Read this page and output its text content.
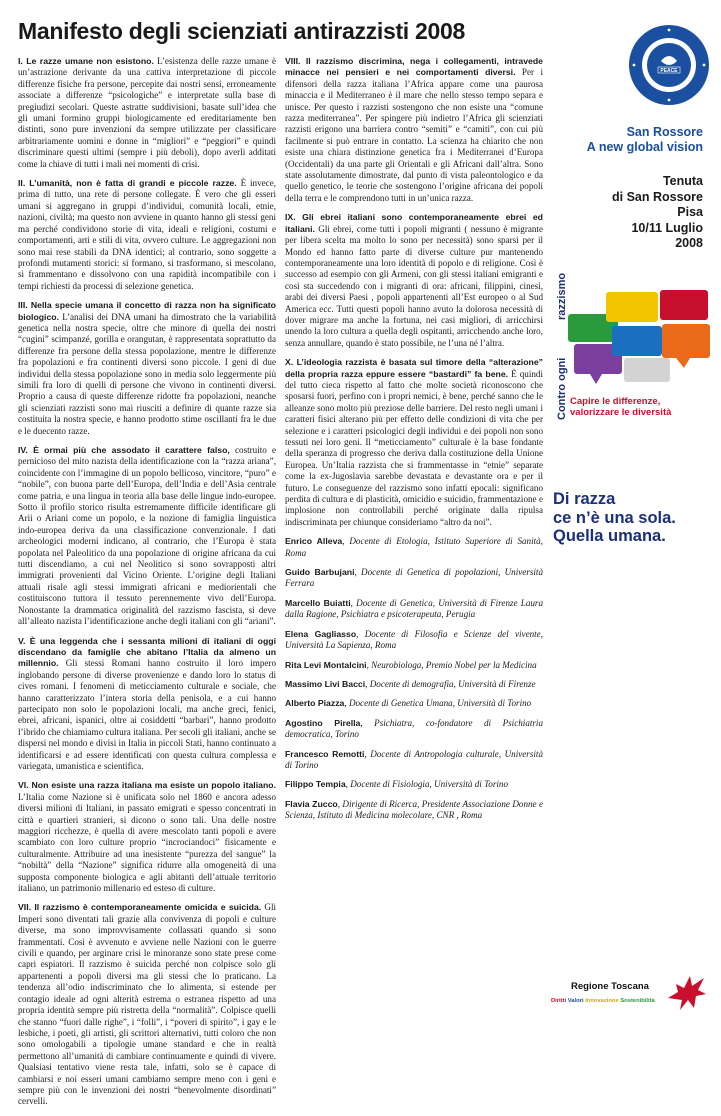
Manifesto degli scienziati antirazzisti 2008

I. Le razze umane non esistono. L’esistenza delle razze umane è un’astrazione derivante da una cattiva interpretazione di piccole differenze fisiche fra persone, percepite dai nostri sensi, erroneamente associate a differenze “psicologiche” e interpretate sulla base di pregiudizi secolari. Queste astratte suddivisioni, basate sull’idea che gli umani formino gruppi biologicamente ed ereditariamente ben distinti, sono pure invenzioni da sempre utilizzate per classificare arbitrariamente uomini e donne in “migliori” e “peggiori” e quindi discriminare questi ultimi (sempre i più deboli), dopo averli additati come la chiave di tutti i mali nei momenti di crisi.

II. L’umanità, non è fatta di grandi e piccole razze. È invece, prima di tutto, una rete di persone collegate. È vero che gli esseri umani si aggregano in gruppi d’individui, comunità locali, etnie, nazioni, civiltà; ma questo non avviene in quanto hanno gli stessi geni ma perché condividono storie di vita, ideali e religioni, costumi e comportamenti, arti e stili di vita, ovvero culture. Le aggregazioni non sono mai rese stabili da DNA identici; al contrario, sono soggette a profondi mutamenti storici: si formano, si trasformano, si mescolano, si frammentano e dissolvono con una rapidità incompatibile con i tempi richiesti da processi di selezione genetica.

III. Nella specie umana il concetto di razza non ha significato biologico. L’analisi dei DNA umani ha dimostrato che la variabilità genetica nella nostra specie, oltre che minore di quella dei nostri “cugini” scimpanzé, gorilla e orangutan, è rappresentata soprattutto da differenze fra persone della stessa popolazione, mentre le differenze fra popolazioni e fra continenti diversi sono piccole. I geni di due individui della stessa popolazione sono in media solo leggermente più simili fra loro di quelli di persone che vivono in continenti diversi. Proprio a causa di queste differenze ridotte fra popolazioni, neanche gli scienziati razzisti sono mai riusciti a definire di quante razze sia costituita la nostra specie, e hanno prodotto stime oscillanti fra le due e le duecento razze.

IV. È ormai più che assodato il carattere falso, costruito e pernicioso del mito nazista della identificazione con la “razza ariana”, coincidente con l’immagine di un popolo bellicoso, vincitore, “puro” e “nobile”, con buona parte dell’Europa, dell’India e dell’Asia centrale come patria, e una lingua in teoria alla base delle lingue indo-europee. Sotto il profilo storico risulta estremamente difficile identificare gli Arii o Ariani come un popolo, e la nozione di famiglia linguistica indo-europea deriva da una classificazione convenzionale. I dati archeologici moderni indicano, al contrario, che l’Europa è stata popolata nel Paleolitico da una popolazione di origine africana da cui tutti discendiamo, a cui nel Neolitico si sono sovrapposti altri immigrati provenienti dal Vicino Oriente. L’origine degli Italiani attuali risale agli stessi immigrati africani e mediorientali che costituiscono tuttora il tessuto perennemente vivo dell’Europa. Nonostante la drammatica originalità del razzismo fascista, si deve all’alleato nazista l’identificazione anche degli italiani con gli “ariani”.

V. È una leggenda che i sessanta milioni di italiani di oggi discendano da famiglie che abitano l’Italia da almeno un millennio. Gli stessi Romani hanno costruito il loro impero inglobando persone di diverse provenienze e dando loro lo status di cives romani. I fenomeni di meticciamento culturale e sociale, che hanno caratterizzato l’intera storia della penisola, e a cui hanno partecipato non solo le popolazioni locali, ma anche greci, fenici, ebrei, africani, ispanici, oltre ai cosiddetti “barbari”, hanno prodotto l’ibrido che chiamiamo cultura italiana. Per secoli gli italiani, anche se dispersi nel mondo e divisi in Italia in piccoli Stati, hanno continuato a identificarsi e ad essere identificati con questa cultura complessa e variegata, umanistica e scientifica.

VI. Non esiste una razza italiana ma esiste un popolo italiano. L’Italia come Nazione si è unificata solo nel 1860 e ancora adesso diversi milioni di Italiani, in passato emigrati e spesso concentrati in città e quartieri stranieri, si dicono o sono tali. Una delle nostre maggiori ricchezze, è quella di avere mescolato tanti popoli e avere scambiato con loro culture proprio “incrociandoci” fisicamente e culturalmente. Attribuire ad una inesistente “purezza del sangue” la “nobiltà” della “Nazione” significa ridurre alla omogeneità di una supposta componente biologica e agli abitanti dell’attuale territorio italiano, un patrimonio millenario ed esteso di culture.

VII. Il razzismo è contemporaneamente omicida e suicida. Gli Imperi sono diventati tali grazie alla convivenza di popoli e culture diverse, ma sono improvvisamente collassati quando si sono frammentati. Così è avvenuto e avviene nelle Nazioni con le guerre civili e quando, per arginare crisi le minoranze sono state prese come capri espiatori. Il razzismo è suicida perché non colpisce solo gli appartenenti a popoli diversi ma gli stessi che lo praticano. La tendenza all’odio indiscriminato che lo alimenta, si estende per contagio ideale ad ogni alterità estrema o estranea rispetto ad una propria identità sempre più ristretta della “normalità”. Colpisce quelli che stanno “fuori dalle righe”, i “folli”, i “poveri di spirito”, i gay e le lesbiche, i poeti, gli artisti, gli scrittori alternativi, tutti coloro che non sono omologabili a tipologie umane standard e che in realtà permettono all’umanità di cambiare continuamente e quindi di vivere. Qualsiasi tentativo viene resta tale, infatti, solo se è capace di cambiarsi e noi esseri umani cambiamo sempre meno con i geni e sempre più con le invenzioni dei nostri “benevolmente disordinati” cervelli.

VIII. Il razzismo discrimina, nega i collegamenti, intravede minacce nei pensieri e nei comportamenti diversi. Per i difensori della razza italiana l’Africa appare come una paurosa minaccia e il Mediterraneo è il mare che nello stesso tempo separa e unisce. Per questo i razzisti sostengono che non esiste una “comune razza mediterranea”. Per spingere più indietro l’Africa gli scienziati razzisti erigono una barriera contro “semiti” e “camiti”, con cui più facilmente si può entrare in contatto. La scienza ha chiarito che non esiste una chiara distinzione genetica fra i Mediterranei d’Europa (Occidentali) da una parte gli Orientali e gli Africani dall’altra. Sono state assolutamente dimostrate, dal punto di vista paleontologico e da quello genetico, le teorie che sostengono l’origine africana dei popoli della terra e le comprendono tutti in un’unica razza.

IX. Gli ebrei italiani sono contemporaneamente ebrei ed italiani. Gli ebrei, come tutti i popoli migranti ( nessuno è migrante per libera scelta ma molto lo sono per necessità) sono sparsi per il Mondo ed hanno fatto parte di diverse culture pur mantenendo contemporaneamente una loro identità di popolo e di religione. Così è successo ad esempio con gli Armeni, con gli stessi italiani emigranti e così sta succedendo con i migranti di ora: africani, filippini, cinesi, arabi dei diversi Paesi , popoli appartenenti all’Est europeo o al Sud America ecc. Tutti questi popoli hanno avuto la dolorosa necessità di dover migrare ma anche la fortuna, nei casi migliori, di arricchirsi unendo la loro cultura a quella degli ospitanti, arricchendo anche loro, senza annullare, quando è stato possibile, ne l’una né l’altra.

X. L’ideologia razzista è basata sul timore della “alterazione” della propria razza eppure essere “bastardi” fa bene. È quindi del tutto cieca rispetto al fatto che molte società riconoscono che sposarsi fuori, perfino con i propri nemici, è bene, perché sanno che le alleanze sono molto più preziose delle barriere. Del resto negli umani i caratteri fisici alterano più per effetto delle condizioni di vita che per selezione e i caratteri psicologici degli individui e dei popoli non sono tessuti nei loro geni. Il “meticciamento” culturale è la base fondante della speranza di progresso che deriva dalla costituzione della Unione Europea. Un’Italia razzista che si frammentasse in “etnie” separate come la ex-Jugoslavia sarebbe devastata e devastante ora e per il futuro. Le conseguenze del razzismo sono infatti epocali: significano perdita di cultura e di plasticità, omicidio e suicidio, frammentazione e implosione non controllabili perché originate dalla ripulsa indiscriminata per chiunque consideriamo “altro da noi”.

Enrico Alleva, Docente di Etologia, Istituto Superiore di Sanità, Roma

Guido Barbujani, Docente di Genetica di popolazioni, Università Ferrara

Marcello Buiatti, Docente di Genetica, Università di Firenze Laura dalla Ragione, Psichiatra e psicoterapeuta, Perugia

Elena Gagliasso, Docente di Filosofia e Scienze del vivente, Università La Sapienza, Roma

Rita Levi Montalcini, Neurobiologa, Premio Nobel per la Medicina

Massimo Livi Bacci, Docente di demografia, Università di Firenze

Alberto Piazza, Docente di Genetica Umana, Università di Torino

Agostino Pirella, Psichiatra, co-fondatore di Psichiatria democratica, Torino

Francesco Remotti, Docente di Antropologia culturale, Università di Torino

Filippo Tempia, Docente di Fisiologia, Università di Torino

Flavia Zucco, Dirigente di Ricerca, Presidente Associazione Donne e Scienza, Istituto di Medicina molecolare, CNR , Roma

PEACE

San Rossore

A new global vision

Tenuta
di San Rossore
Pisa
10/11 Luglio
2008
Contro ogni
razzismo
Capire le differenze,
valorizzare le diversità
Di razza
ce n’è una sola.
Quella umana.
Regione Toscana
Diritti Valori Innovazione Sostenibilità
